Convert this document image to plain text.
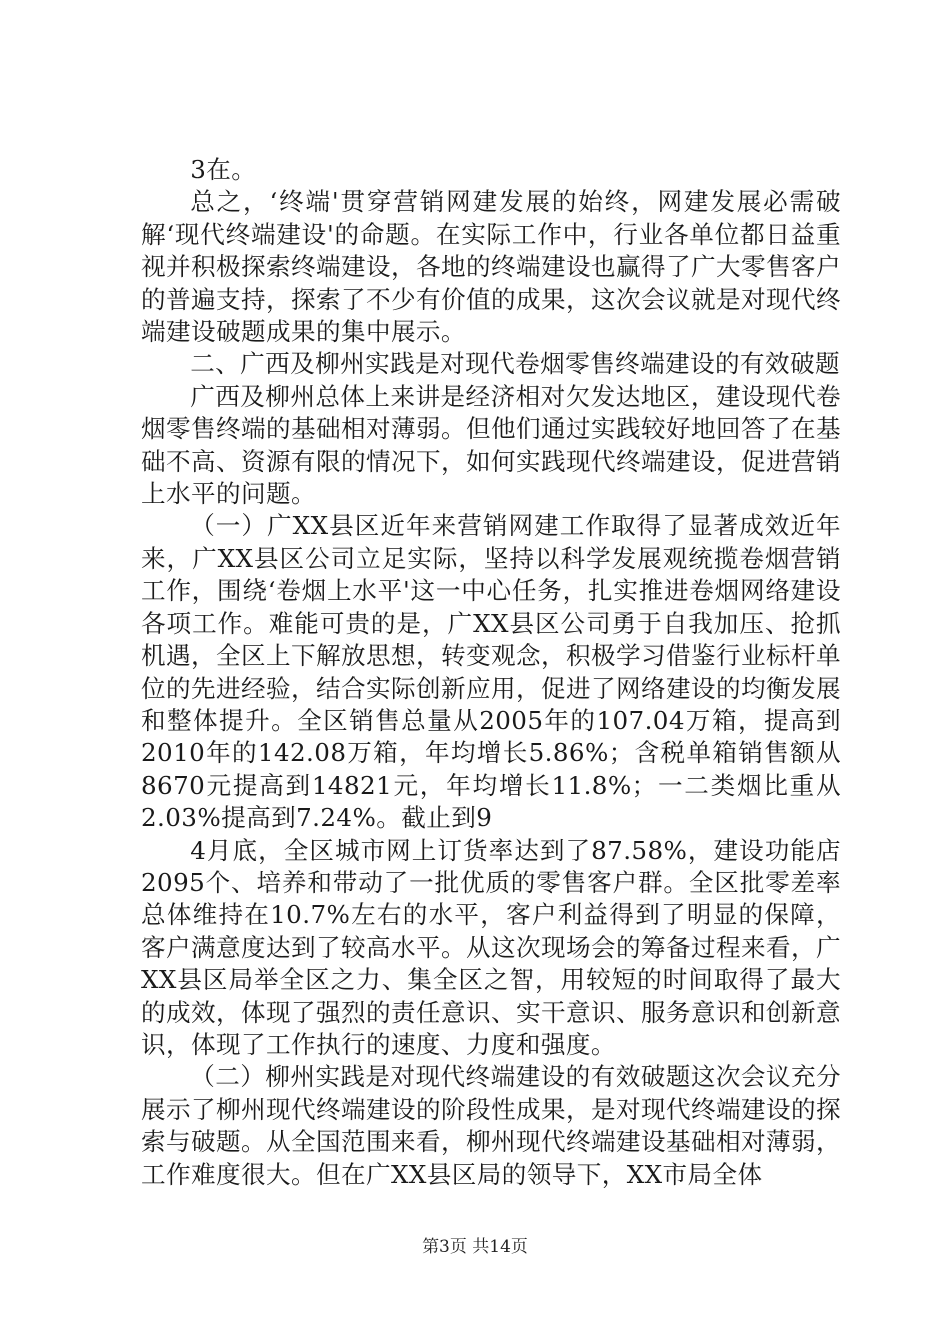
3在。

总之，‘终端'贯穿营销网建发展的始终，网建发展必需破解‘现代终端建设'的命题。在实际工作中，行业各单位都日益重视并积极探索终端建设，各地的终端建设也赢得了广大零售客户的普遍支持，探索了不少有价值的成果，这次会议就是对现代终端建设破题成果的集中展示。

二、广西及柳州实践是对现代卷烟零售终端建设的有效破题

广西及柳州总体上来讲是经济相对欠发达地区，建设现代卷烟零售终端的基础相对薄弱。但他们通过实践较好地回答了在基础不高、资源有限的情况下，如何实践现代终端建设，促进营销上水平的问题。

（一）广XX县区近年来营销网建工作取得了显著成效近年来，广XX县区公司立足实际，坚持以科学发展观统揽卷烟营销工作，围绕‘卷烟上水平'这一中心任务，扎实推进卷烟网络建设各项工作。难能可贵的是，广XX县区公司勇于自我加压、抢抓机遇，全区上下解放思想，转变观念，积极学习借鉴行业标杆单位的先进经验，结合实际创新应用，促进了网络建设的均衡发展和整体提升。全区销售总量从2005年的107.04万箱，提高到2010年的142.08万箱，年均增长5.86%；含税单箱销售额从8670元提高到14821元，年均增长11.8%；一二类烟比重从2.03%提高到7.24%。截止到9

4月底，全区城市网上订货率达到了87.58%，建设功能店2095个、培养和带动了一批优质的零售客户群。全区批零差率总体维持在10.7%左右的水平，客户利益得到了明显的保障，客户满意度达到了较高水平。从这次现场会的筹备过程来看，广XX县区局举全区之力、集全区之智，用较短的时间取得了最大的成效，体现了强烈的责任意识、实干意识、服务意识和创新意识，体现了工作执行的速度、力度和强度。

（二）柳州实践是对现代终端建设的有效破题这次会议充分展示了柳州现代终端建设的阶段性成果，是对现代终端建设的探索与破题。从全国范围来看，柳州现代终端建设基础相对薄弱，工作难度很大。但在广XX县区局的领导下，XX市局全体

第3页 共14页
